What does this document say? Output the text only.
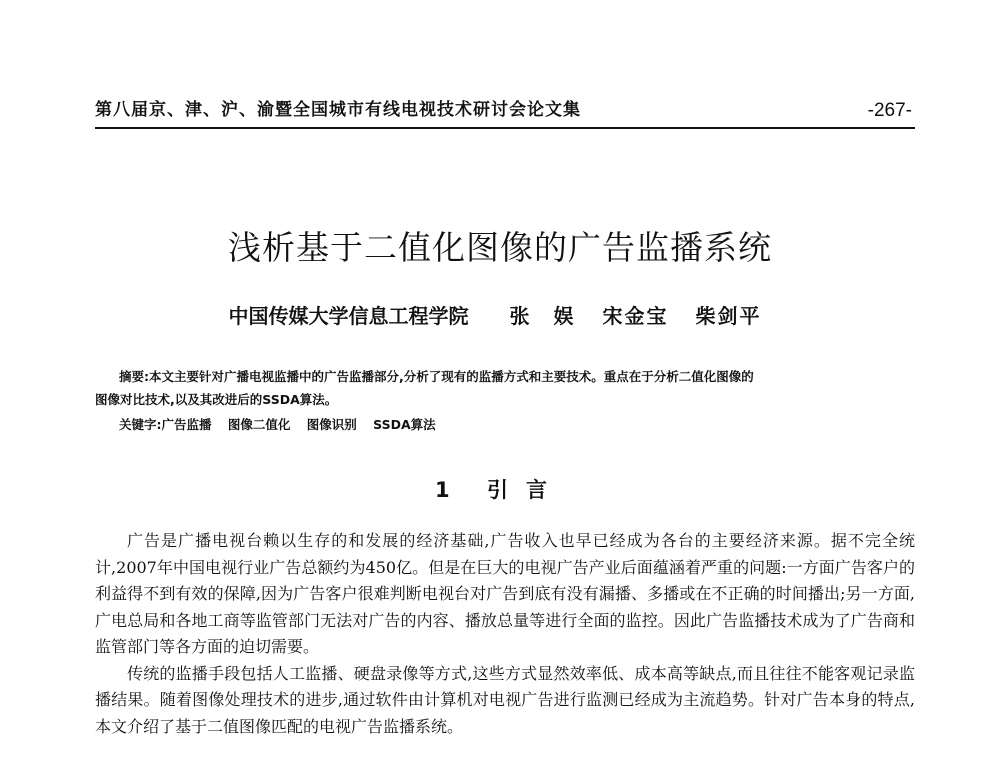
第八届京、津、沪、渝暨全国城市有线电视技术研讨会论文集	-267-
浅析基于二值化图像的广告监播系统
中国传媒大学信息工程学院 张　娱 宋金宝 柴剑平

摘要:本文主要针对广播电视监播中的广告监播部分,分析了现有的监播方式和主要技术。重点在于分析二值化图像的

图像对比技术,以及其改进后的SSDA算法。

关键字:广告监播 图像二值化 图像识别 SSDA算法
1 引言

广告是广播电视台赖以生存的和发展的经济基础,广告收入也早已经成为各台的主要经济来源。据不完全统计,2007年中国电视行业广告总额约为450亿。但是在巨大的电视广告产业后面蕴涵着严重的问题:一方面广告客户的利益得不到有效的保障,因为广告客户很难判断电视台对广告到底有没有漏播、多播或在不正确的时间播出;另一方面,广电总局和各地工商等监管部门无法对广告的内容、播放总量等进行全面的监控。因此广告监播技术成为了广告商和监管部门等各方面的迫切需要。

传统的监播手段包括人工监播、硬盘录像等方式,这些方式显然效率低、成本高等缺点,而且往往不能客观记录监播结果。随着图像处理技术的进步,通过软件由计算机对电视广告进行监测已经成为主流趋势。针对广告本身的特点,本文介绍了基于二值图像匹配的电视广告监播系统。
